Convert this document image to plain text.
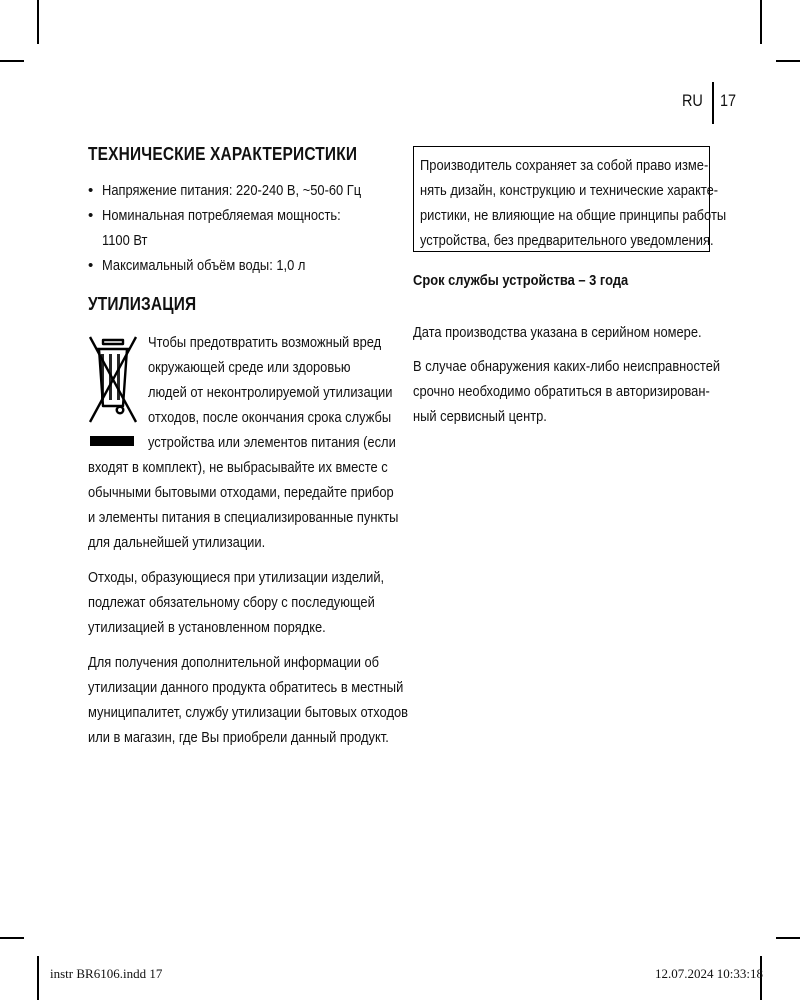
RU 17
ТЕХНИЧЕСКИЕ ХАРАКТЕРИСТИКИ
• Напряжение питания: 220-240 В, ~50-60 Гц
• Номинальная потребляемая мощность:
1100 Вт
• Максимальный объём воды: 1,0 л
УТИЛИЗАЦИЯ
Чтобы предотвратить возможный вред
окружающей среде или здоровью
людей от неконтролируемой утилизации
отходов, после окончания срока службы
устройства или элементов питания (если
входят в комплект), не выбрасывайте их вместе с
обычными бытовыми отходами, передайте прибор
и элементы питания в специализированные пункты
для дальнейшей утилизации.
Отходы, образующиеся при утилизации изделий,
подлежат обязательному сбору с последующей
утилизацией в установленном порядке.
Для получения дополнительной информации об
утилизации данного продукта обратитесь в местный
муниципалитет, службу утилизации бытовых отходов
или в магазин, где Вы приобрели данный продукт.
Производитель сохраняет за собой право изме-
нять дизайн, конструкцию и технические характе-
ристики, не влияющие на общие принципы работы
устройства, без предварительного уведомления.
Срок службы устройства – 3 года
Дата производства указана в серийном номере.
В случае обнаружения каких-либо неисправностей
срочно необходимо обратиться в авторизирован-
ный сервисный центр.
instr BR6106.indd 17	12.07.2024 10:33:18
